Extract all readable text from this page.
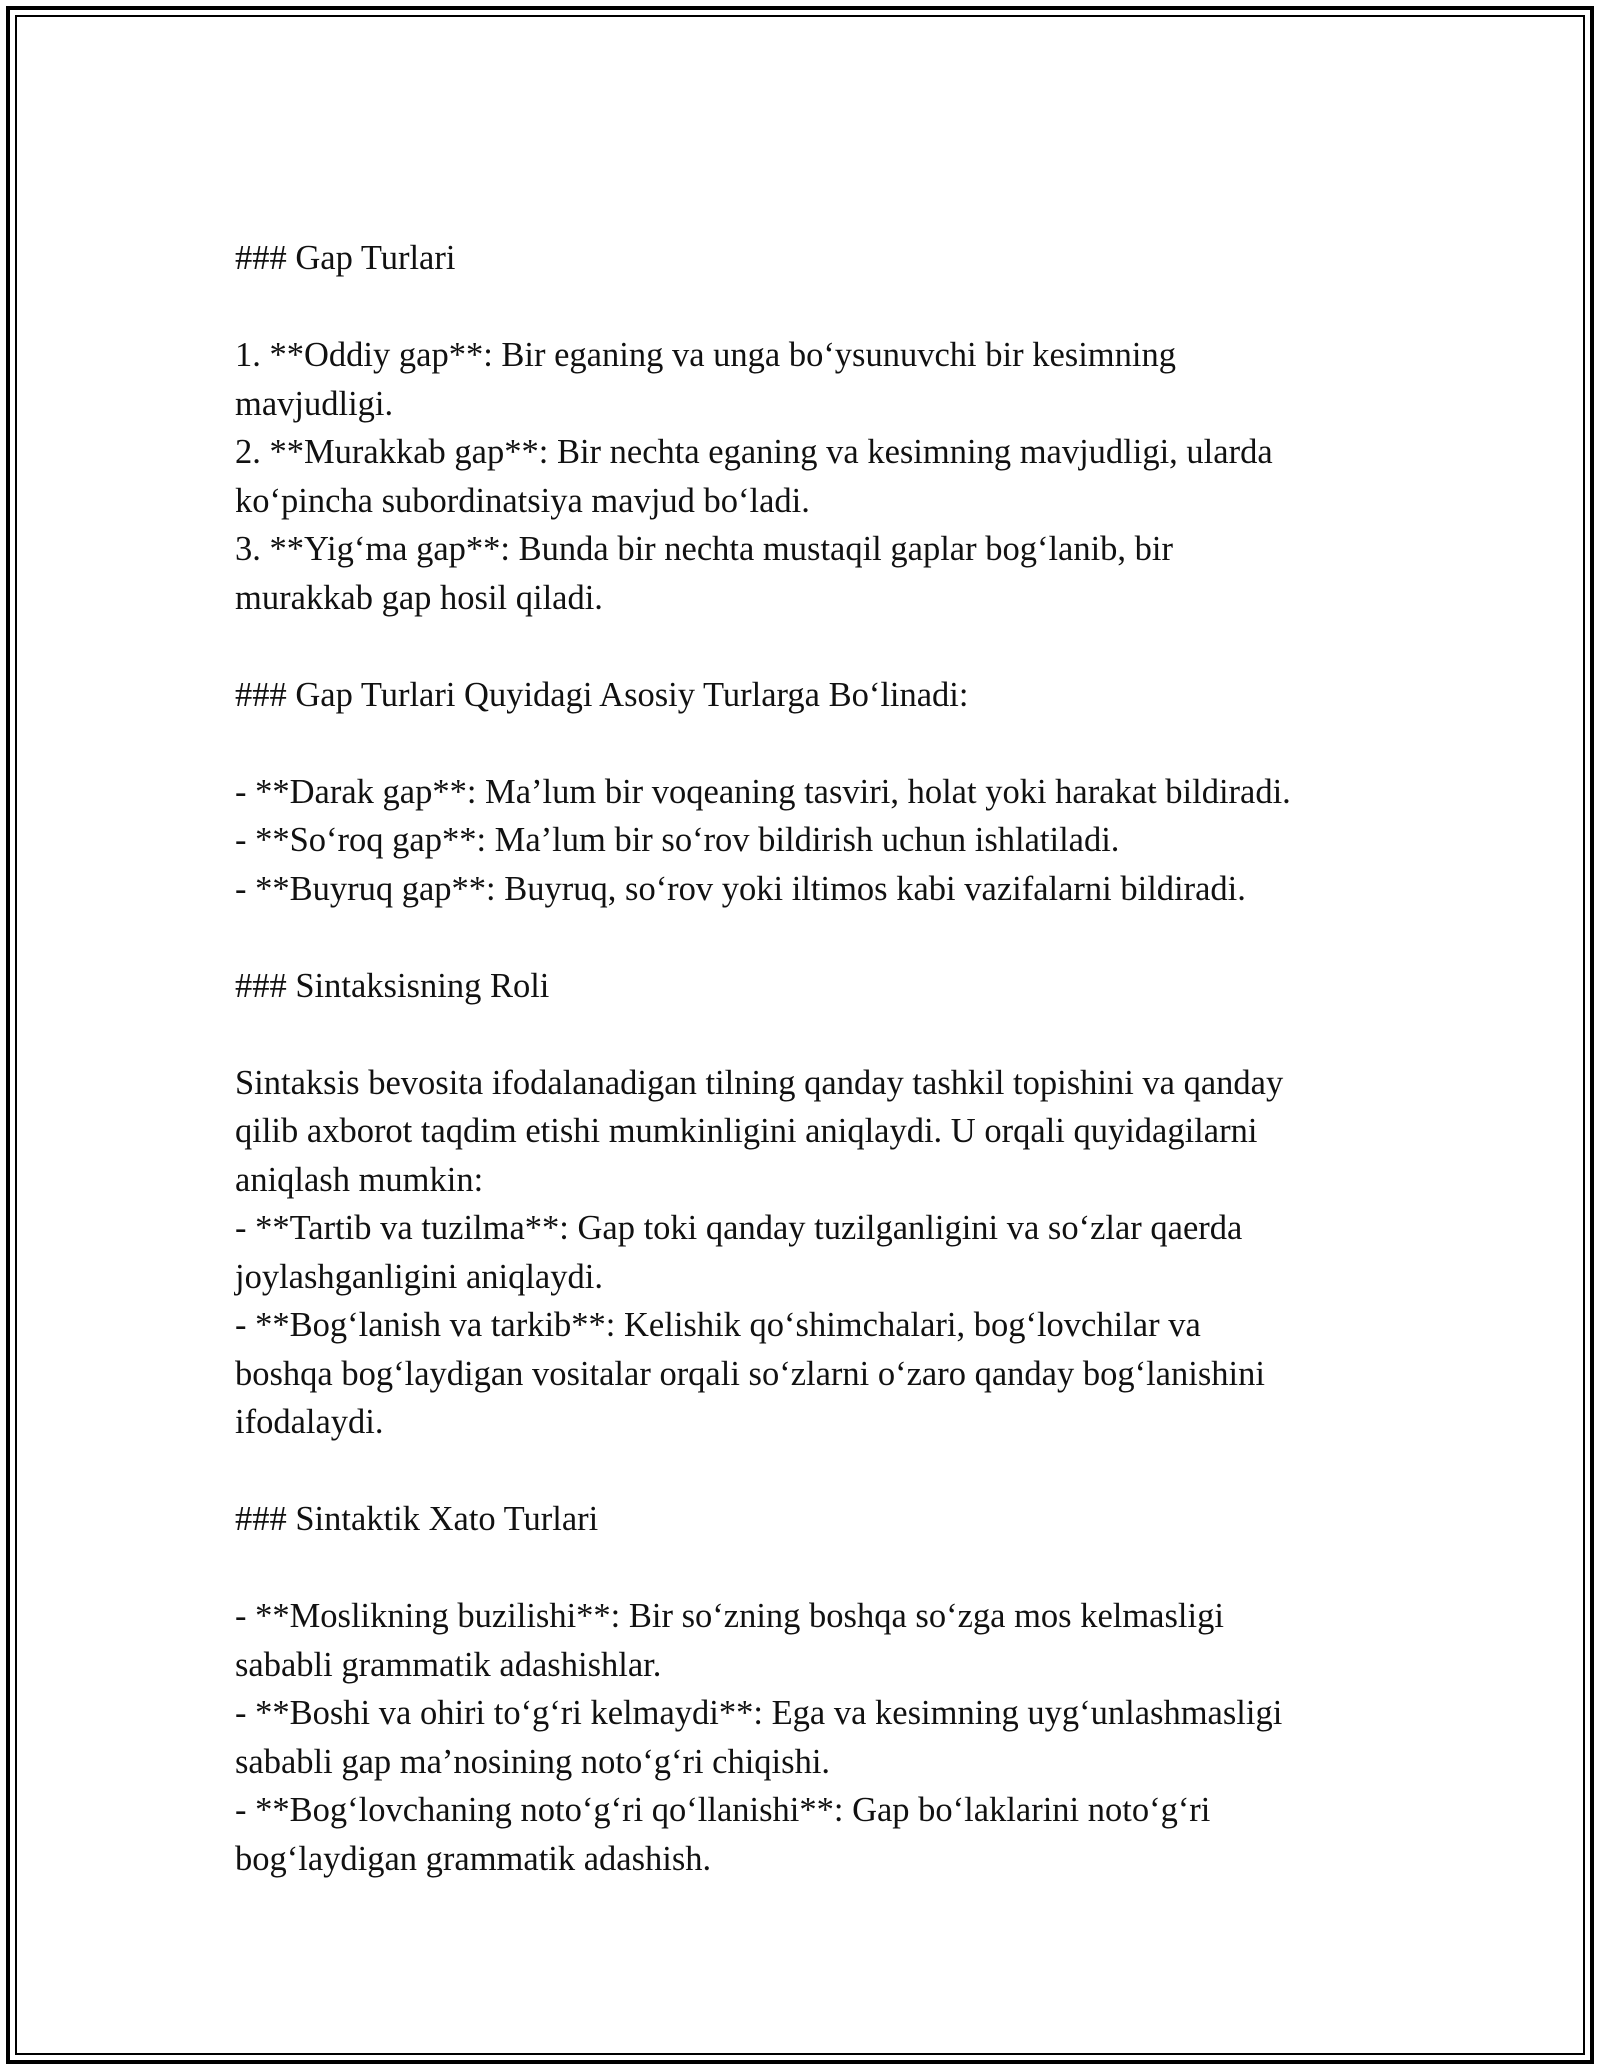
### Gap Turlari
1. **Oddiy gap**: Bir eganing va unga bo‘ysunuvchi bir kesimning
mavjudligi.
2. **Murakkab gap**: Bir nechta eganing va kesimning mavjudligi, ularda
ko‘pincha subordinatsiya mavjud bo‘ladi.
3. **Yig‘ma gap**: Bunda bir nechta mustaqil gaplar bog‘lanib, bir
murakkab gap hosil qiladi.
### Gap Turlari Quyidagi Asosiy Turlarga Bo‘linadi:
- **Darak gap**: Ma’lum bir voqeaning tasviri, holat yoki harakat bildiradi.
- **So‘roq gap**: Ma’lum bir so‘rov bildirish uchun ishlatiladi.
- **Buyruq gap**: Buyruq, so‘rov yoki iltimos kabi vazifalarni bildiradi.
### Sintaksisning Roli
Sintaksis bevosita ifodalanadigan tilning qanday tashkil topishini va qanday
qilib axborot taqdim etishi mumkinligini aniqlaydi. U orqali quyidagilarni
aniqlash mumkin:
- **Tartib va tuzilma**: Gap toki qanday tuzilganligini va so‘zlar qaerda
joylashganligini aniqlaydi.
- **Bog‘lanish va tarkib**: Kelishik qo‘shimchalari, bog‘lovchilar va
boshqa bog‘laydigan vositalar orqali so‘zlarni o‘zaro qanday bog‘lanishini
ifodalaydi.
### Sintaktik Xato Turlari
- **Moslikning buzilishi**: Bir so‘zning boshqa so‘zga mos kelmasligi
sababli grammatik adashishlar.
- **Boshi va ohiri to‘g‘ri kelmaydi**: Ega va kesimning uyg‘unlashmasligi
sababli gap ma’nosining noto‘g‘ri chiqishi.
- **Bog‘lovchaning noto‘g‘ri qo‘llanishi**: Gap bo‘laklarini noto‘g‘ri
bog‘laydigan grammatik adashish.
